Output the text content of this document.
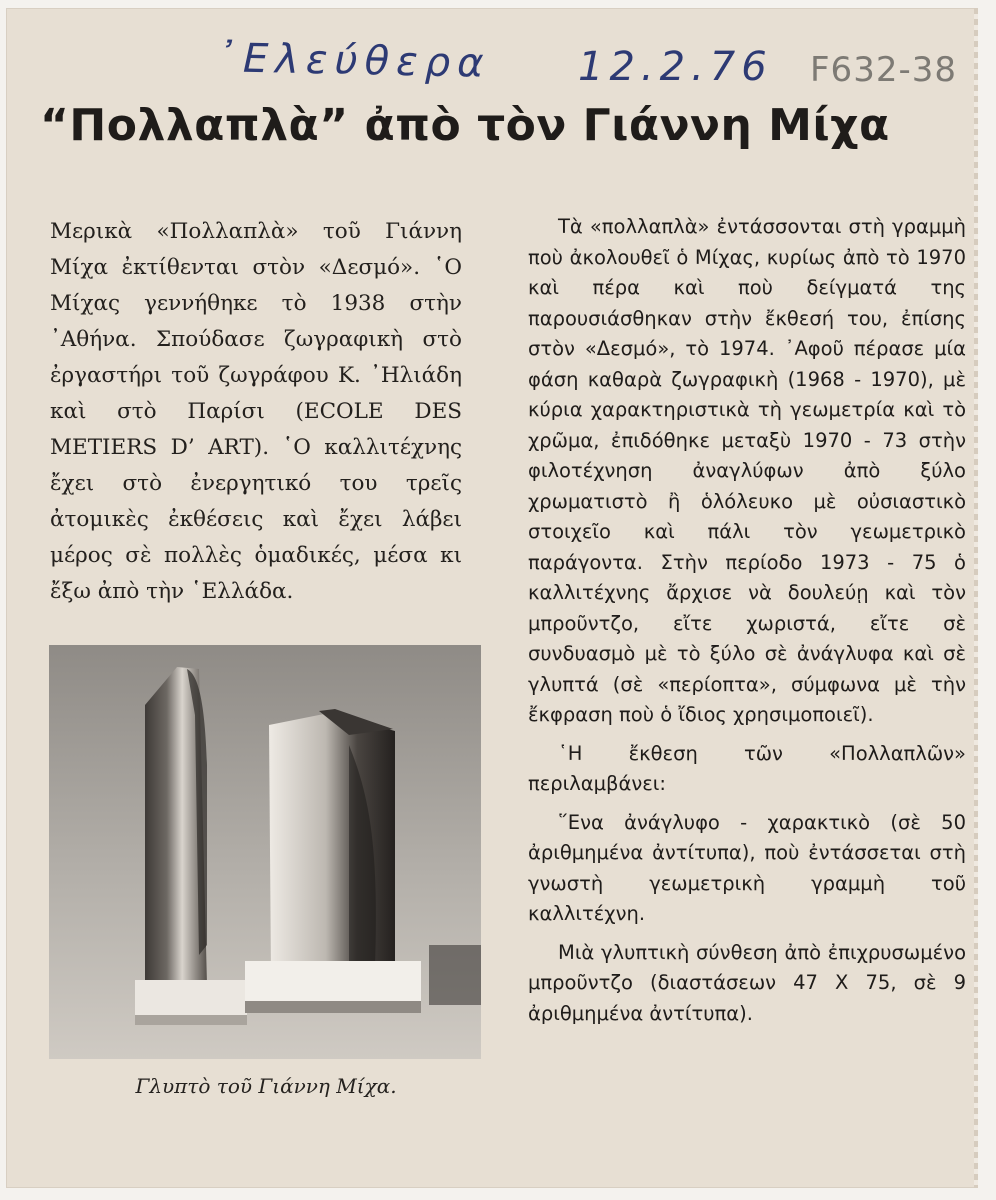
᾿Ελεύθερα 12.2.76 F632-38
“Πολλαπλὰ” ἀπὸ τὸν Γιάννη Μίχα

Μερικὰ «Πολλαπλὰ» τοῦ Γιάννη Μίχα ἐκτίθενται στὸν «Δεσμό». ῾Ο Μίχας γεννήθηκε τὸ 1938 στὴν ᾿Αθήνα. Σπούδασε ζωγραφικὴ στὸ ἐργαστήρι τοῦ ζωγράφου Κ. ᾿Ηλιάδη καὶ στὸ Παρίσι (ECOLE DES METIERS D’ ART). ῾Ο καλλιτέχνης ἔχει στὸ ἐνεργητικό του τρεῖς ἀτομικὲς ἐκθέσεις καὶ ἔχει λάβει μέρος σὲ πολλὲς ὁμαδικές, μέσα κι ἔξω ἀπὸ τὴν ῾Ελλάδα.

Γλυπτὸ τοῦ Γιάννη Μίχα.

Τὰ «πολλαπλὰ» ἐντάσσονται στὴ γραμμὴ ποὺ ἀκολουθεῖ ὁ Μίχας, κυρίως ἀπὸ τὸ 1970 καὶ πέρα καὶ ποὺ δείγματά της παρουσιάσθηκαν στὴν ἔκθεσή του, ἐπίσης στὸν «Δεσμό», τὸ 1974. ᾿Αφοῦ πέρασε μία φάση καθαρὰ ζωγραφικὴ (1968 - 1970), μὲ κύρια χαρακτηριστικὰ τὴ γεωμετρία καὶ τὸ χρῶμα, ἐπιδόθηκε μεταξὺ 1970 - 73 στὴν φιλοτέχνηση ἀναγλύφων ἀπὸ ξύλο χρωματιστὸ ἢ ὁλόλευκο μὲ οὐσιαστικὸ στοιχεῖο καὶ πάλι τὸν γεωμετρικὸ παράγοντα. Στὴν περίοδο 1973 - 75 ὁ καλλιτέχνης ἄρχισε νὰ δουλεύῃ καὶ τὸν μπροῦντζο, εἴτε χωριστά, εἴτε σὲ συνδυασμὸ μὲ τὸ ξύλο σὲ ἀνάγλυφα καὶ σὲ γλυπτά (σὲ «περίοπτα», σύμφωνα μὲ τὴν ἔκφραση ποὺ ὁ ἴδιος χρησιμοποιεῖ).

῾Η ἔκθεση τῶν «Πολλαπλῶν» περιλαμβάνει:

῞Ενα ἀνάγλυφο - χαρακτικὸ (σὲ 50 ἀριθμημένα ἀντίτυπα), ποὺ ἐντάσσεται στὴ γνωστὴ γεωμετρικὴ γραμμὴ τοῦ καλλιτέχνη.

Μιὰ γλυπτικὴ σύνθεση ἀπὸ ἐπιχρυσωμένο μπροῦντζο (διαστάσεων 47 Χ 75, σὲ 9 ἀριθμημένα ἀντίτυπα).
